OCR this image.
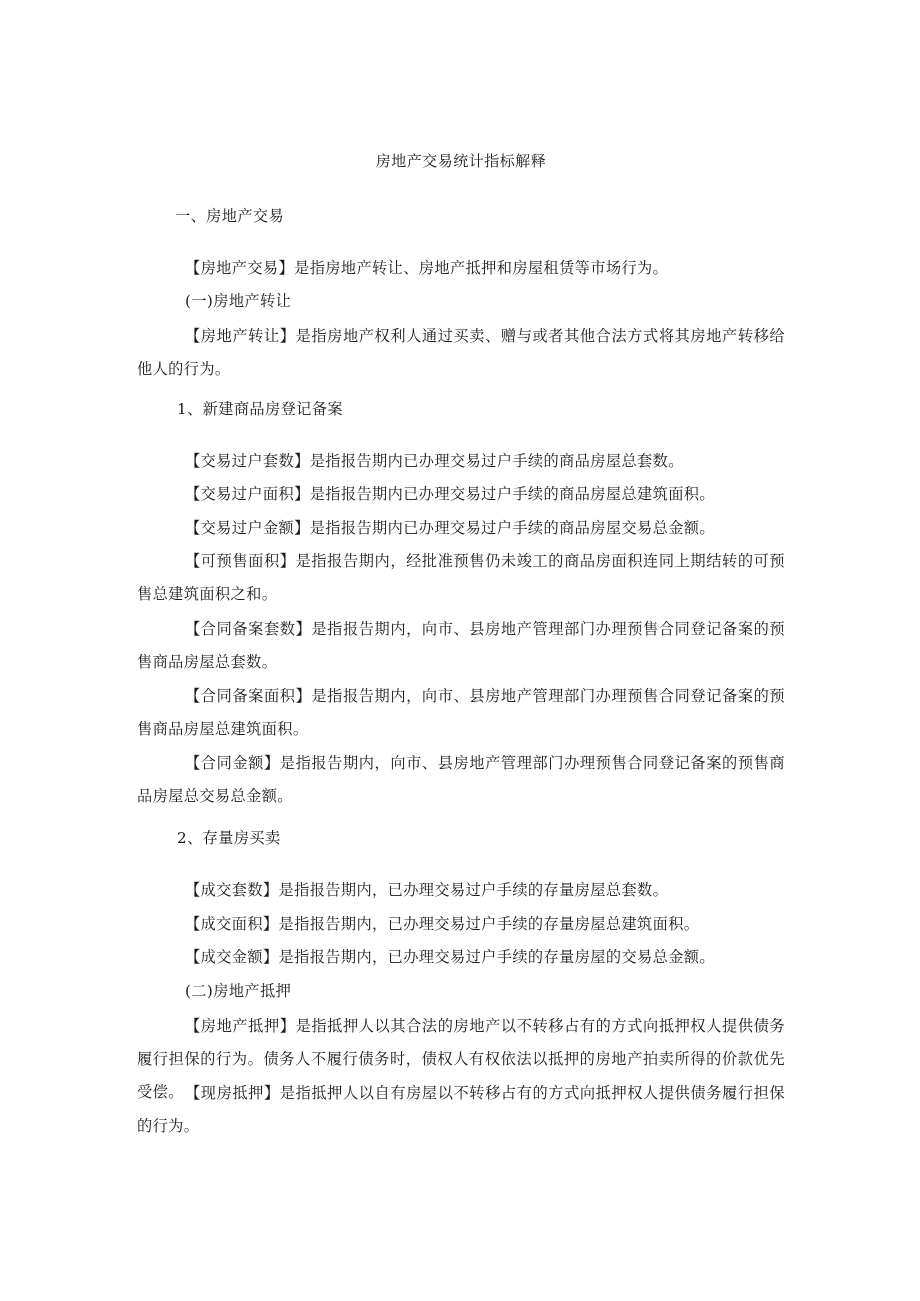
房地产交易统计指标解释
一、房地产交易
【房地产交易】是指房地产转让、房地产抵押和房屋租赁等市场行为。
(一)房地产转让
【房地产转让】是指房地产权利人通过买卖、赠与或者其他合法方式将其房地产转移给他人的行为。
1、新建商品房登记备案
【交易过户套数】是指报告期内已办理交易过户手续的商品房屋总套数。
【交易过户面积】是指报告期内已办理交易过户手续的商品房屋总建筑面积。
【交易过户金额】是指报告期内已办理交易过户手续的商品房屋交易总金额。
【可预售面积】是指报告期内，经批准预售仍未竣工的商品房面积连同上期结转的可预售总建筑面积之和。
【合同备案套数】是指报告期内，向市、县房地产管理部门办理预售合同登记备案的预售商品房屋总套数。
【合同备案面积】是指报告期内，向市、县房地产管理部门办理预售合同登记备案的预售商品房屋总建筑面积。
【合同金额】是指报告期内，向市、县房地产管理部门办理预售合同登记备案的预售商品房屋总交易总金额。
2、存量房买卖
【成交套数】是指报告期内，已办理交易过户手续的存量房屋总套数。
【成交面积】是指报告期内，已办理交易过户手续的存量房屋总建筑面积。
【成交金额】是指报告期内，已办理交易过户手续的存量房屋的交易总金额。
(二)房地产抵押
【房地产抵押】是指抵押人以其合法的房地产以不转移占有的方式向抵押权人提供债务履行担保的行为。债务人不履行债务时，债权人有权依法以抵押的房地产拍卖所得的价款优先受偿。 【现房抵押】是指抵押人以自有房屋以不转移占有的方式向抵押权人提供债务履行担保的行为。
